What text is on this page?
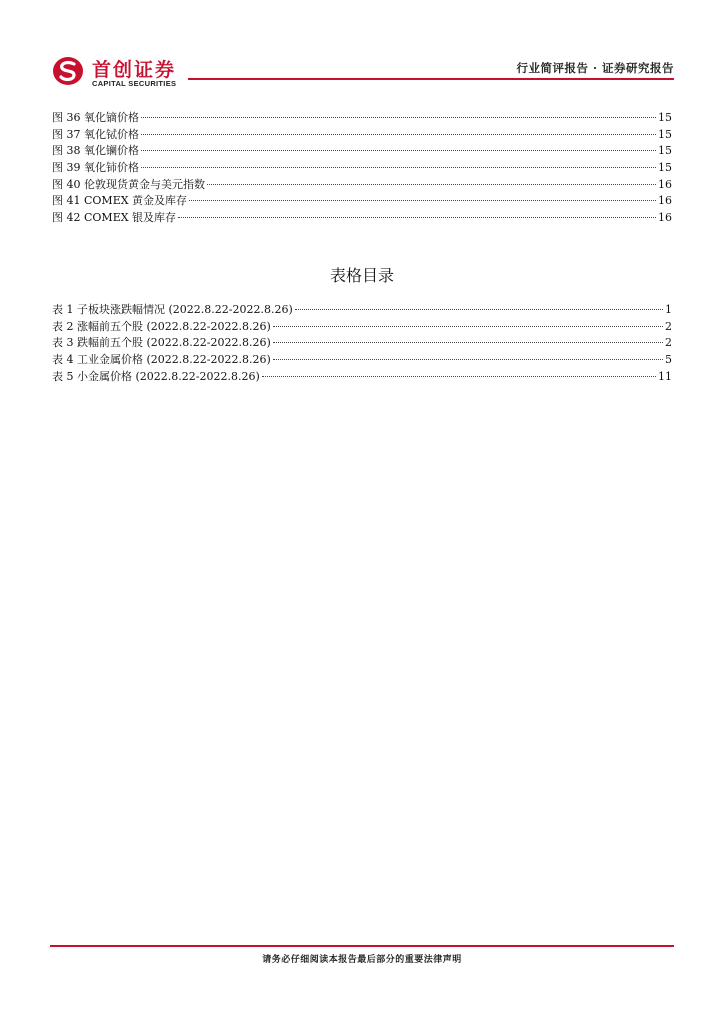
首创证券
CAPITAL SECURITIES
行业简评报告 · 证券研究报告
图 36 氧化镝价格	15
图 37 氧化铽价格	15
图 38 氧化镧价格	15
图 39 氧化铈价格	15
图 40 伦敦现货黄金与美元指数	16
图 41 COMEX 黄金及库存	16
图 42 COMEX 银及库存	16
表格目录
表 1 子板块涨跌幅情况 (2022.8.22-2022.8.26)	1
表 2 涨幅前五个股 (2022.8.22-2022.8.26)	2
表 3 跌幅前五个股 (2022.8.22-2022.8.26)	2
表 4 工业金属价格 (2022.8.22-2022.8.26)	5
表 5 小金属价格 (2022.8.22-2022.8.26)	11
请务必仔细阅读本报告最后部分的重要法律声明
